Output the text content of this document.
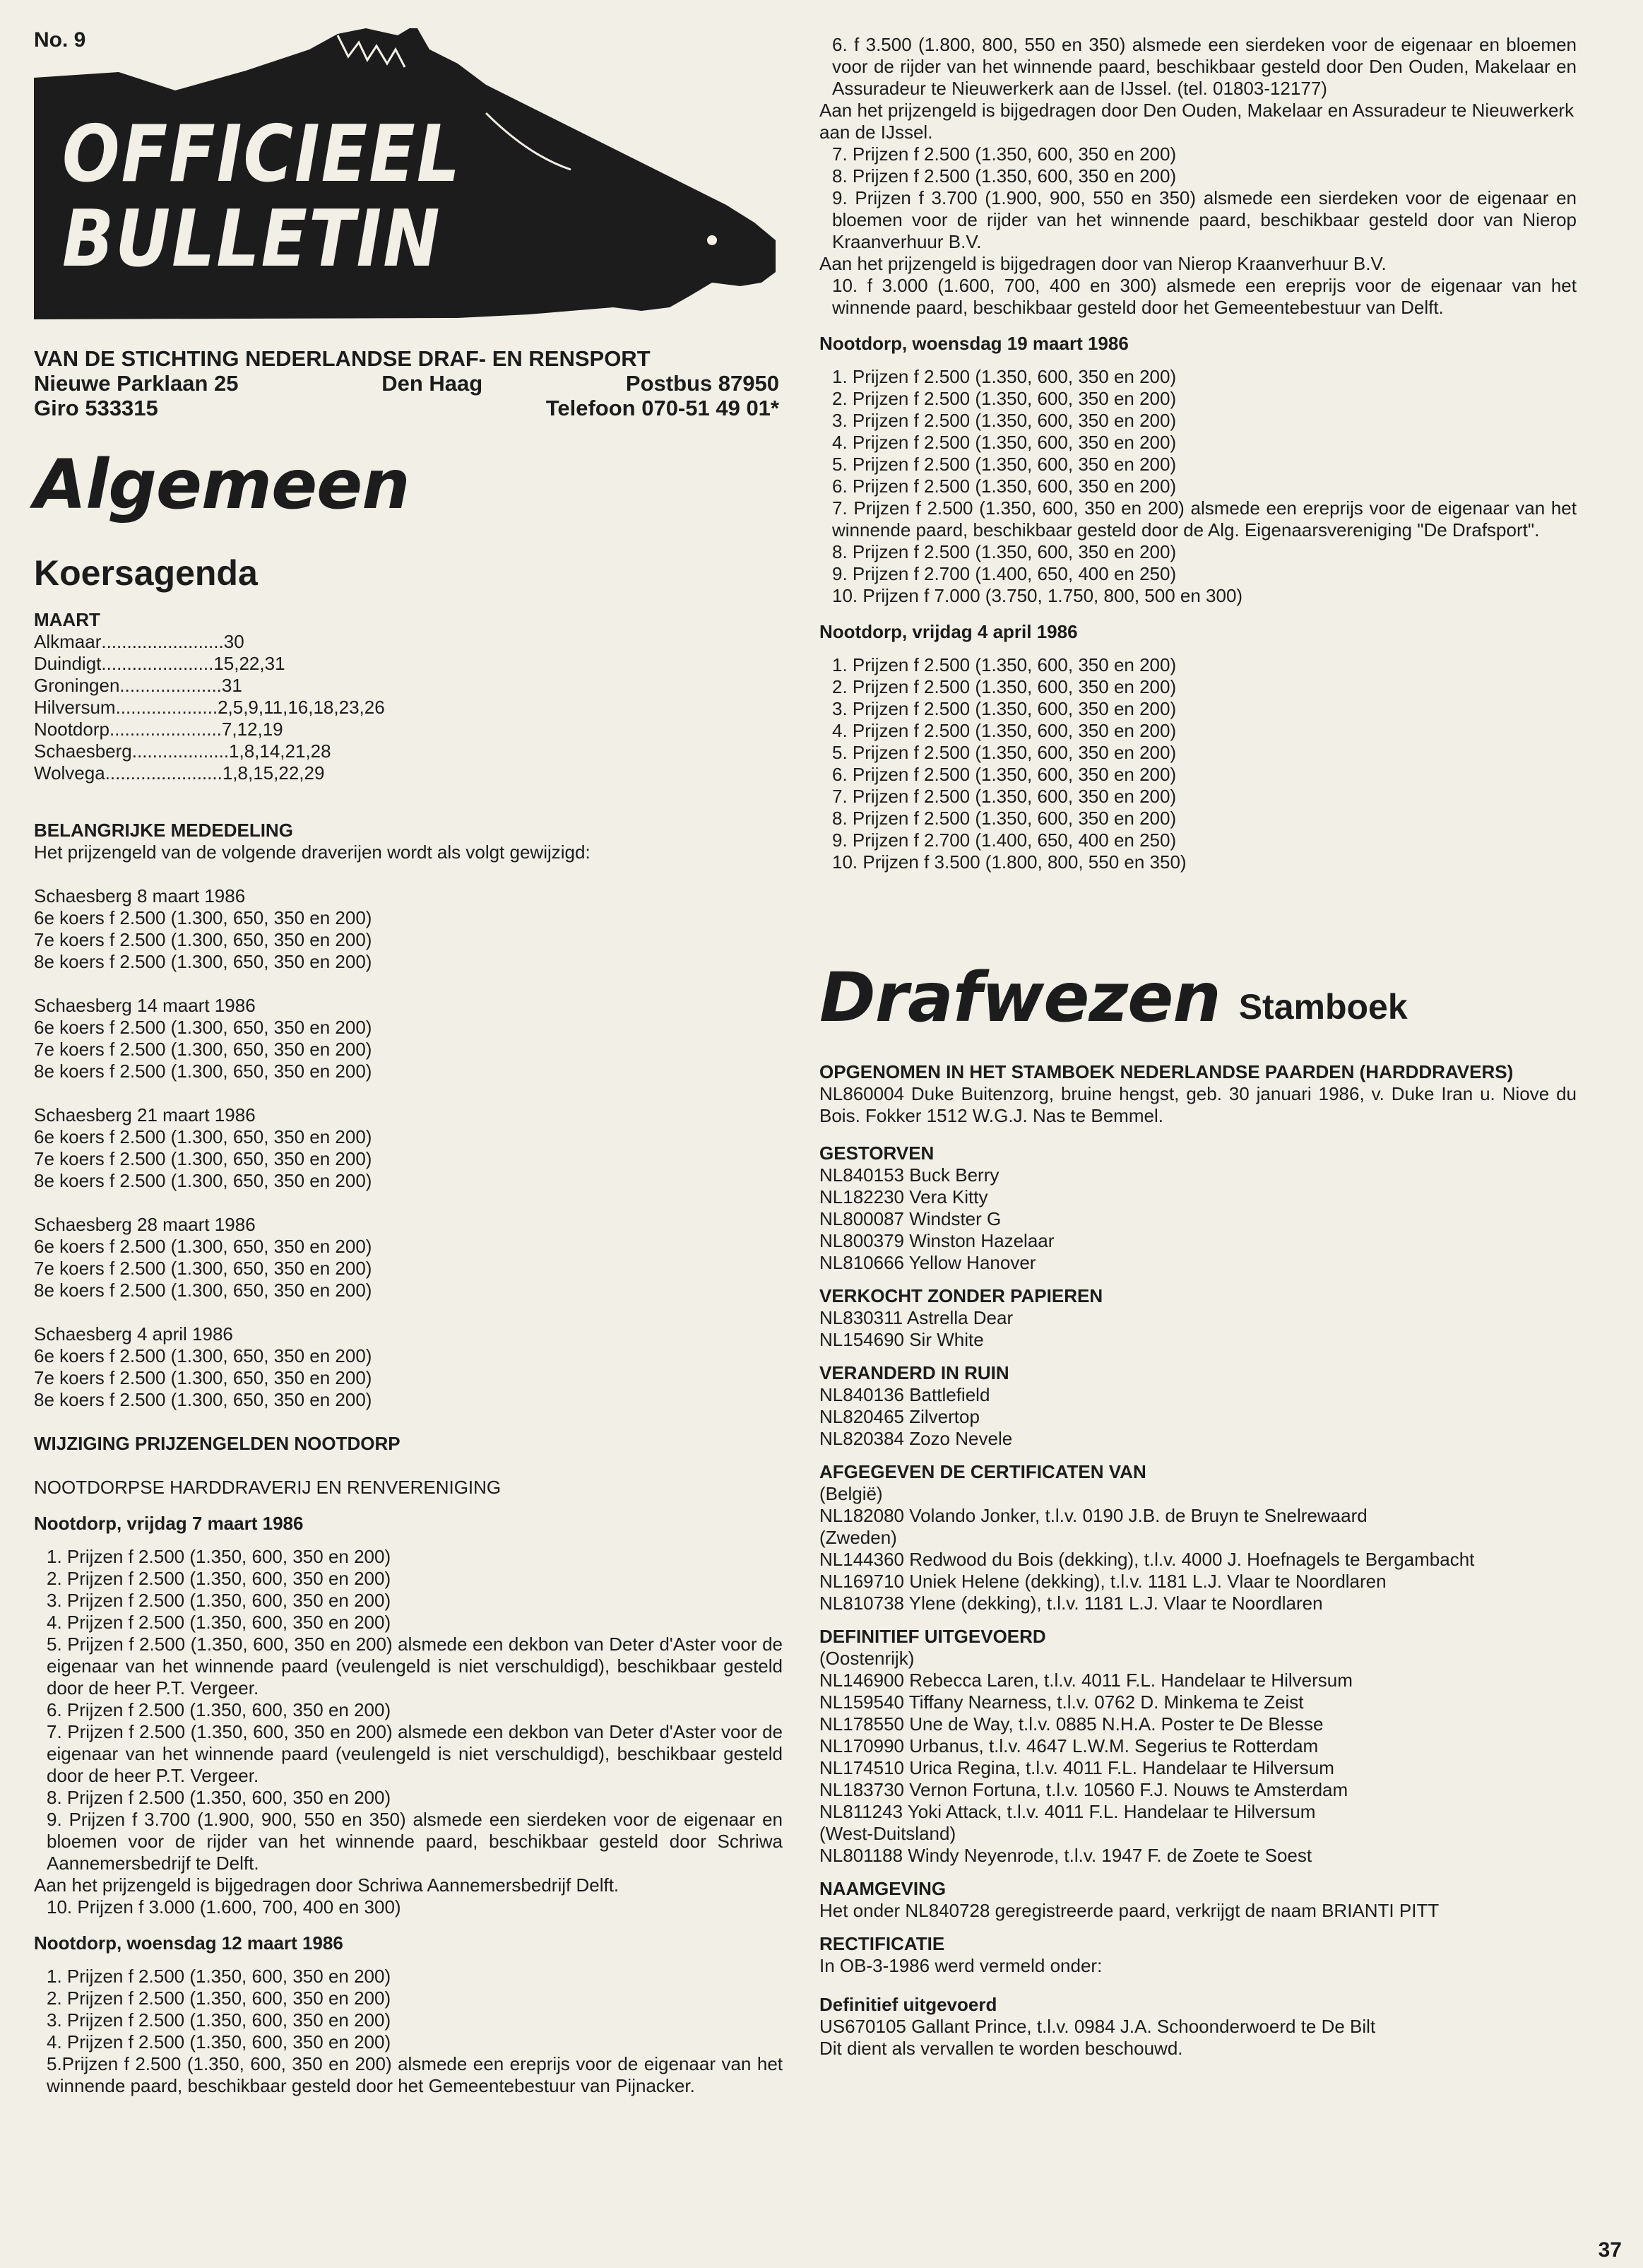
OFFICIEEL
BULLETIN
No. 9
VAN DE STICHTING NEDERLANDSE DRAF- EN RENSPORT
Nieuwe Parklaan 25	Den Haag	Postbus 87950
Giro 533315	Telefoon 070-51 49 01*
Algemeen
Koersagenda
MAART
Alkmaar ........................ 30
Duindigt ...................... 15,22,31
Groningen .................... 31
Hilversum .................... 2,5,9,11,16,18,23,26
Nootdorp ...................... 7,12,19
Schaesberg ................... 1,8,14,21,28
Wolvega ....................... 1,8,15,22,29
BELANGRIJKE MEDEDELING
Het prijzengeld van de volgende draverijen wordt als volgt gewijzigd:
Schaesberg 8 maart 1986
6e koers f 2.500 (1.300, 650, 350 en 200)
7e koers f 2.500 (1.300, 650, 350 en 200)
8e koers f 2.500 (1.300, 650, 350 en 200)
Schaesberg 14 maart 1986
6e koers f 2.500 (1.300, 650, 350 en 200)
7e koers f 2.500 (1.300, 650, 350 en 200)
8e koers f 2.500 (1.300, 650, 350 en 200)
Schaesberg 21 maart 1986
6e koers f 2.500 (1.300, 650, 350 en 200)
7e koers f 2.500 (1.300, 650, 350 en 200)
8e koers f 2.500 (1.300, 650, 350 en 200)
Schaesberg 28 maart 1986
6e koers f 2.500 (1.300, 650, 350 en 200)
7e koers f 2.500 (1.300, 650, 350 en 200)
8e koers f 2.500 (1.300, 650, 350 en 200)
Schaesberg 4 april 1986
6e koers f 2.500 (1.300, 650, 350 en 200)
7e koers f 2.500 (1.300, 650, 350 en 200)
8e koers f 2.500 (1.300, 650, 350 en 200)
WIJZIGING PRIJZENGELDEN NOOTDORP
NOOTDORPSE HARDDRAVERIJ EN RENVERENIGING
Nootdorp, vrijdag 7 maart 1986
1. Prijzen f 2.500 (1.350, 600, 350 en 200)
2. Prijzen f 2.500 (1.350, 600, 350 en 200)
3. Prijzen f 2.500 (1.350, 600, 350 en 200)
4. Prijzen f 2.500 (1.350, 600, 350 en 200)
5. Prijzen f 2.500 (1.350, 600, 350 en 200) alsmede een dekbon van Deter d'Aster voor de eigenaar van het winnende paard (veulengeld is niet verschuldigd), beschikbaar gesteld door de heer P.T. Vergeer.
6. Prijzen f 2.500 (1.350, 600, 350 en 200)
7. Prijzen f 2.500 (1.350, 600, 350 en 200) alsmede een dekbon van Deter d'Aster voor de eigenaar van het winnende paard (veulengeld is niet verschuldigd), beschikbaar gesteld door de heer P.T. Vergeer.
8. Prijzen f 2.500 (1.350, 600, 350 en 200)
9. Prijzen f 3.700 (1.900, 900, 550 en 350) alsmede een sierdeken voor de eigenaar en bloemen voor de rijder van het winnende paard, beschikbaar gesteld door Schriwa Aannemersbedrijf te Delft.
Aan het prijzengeld is bijgedragen door Schriwa Aannemersbedrijf Delft.
10. Prijzen f 3.000 (1.600, 700, 400 en 300)
Nootdorp, woensdag 12 maart 1986
1. Prijzen f 2.500 (1.350, 600, 350 en 200)
2. Prijzen f 2.500 (1.350, 600, 350 en 200)
3. Prijzen f 2.500 (1.350, 600, 350 en 200)
4. Prijzen f 2.500 (1.350, 600, 350 en 200)
5.Prijzen f 2.500 (1.350, 600, 350 en 200) alsmede een ereprijs voor de eigenaar van het winnende paard, beschikbaar gesteld door het Gemeentebestuur van Pijnacker.
6. f 3.500 (1.800, 800, 550 en 350) alsmede een sierdeken voor de eigenaar en bloemen voor de rijder van het winnende paard, beschikbaar gesteld door Den Ouden, Makelaar en Assuradeur te Nieuwerkerk aan de IJssel. (tel. 01803-12177)
Aan het prijzengeld is bijgedragen door Den Ouden, Makelaar en Assuradeur te Nieuwerkerk aan de IJssel.
7. Prijzen f 2.500 (1.350, 600, 350 en 200)
8. Prijzen f 2.500 (1.350, 600, 350 en 200)
9. Prijzen f 3.700 (1.900, 900, 550 en 350) alsmede een sierdeken voor de eigenaar en bloemen voor de rijder van het winnende paard, beschikbaar gesteld door van Nierop Kraanverhuur B.V.
Aan het prijzengeld is bijgedragen door van Nierop Kraanverhuur B.V.
10. f 3.000 (1.600, 700, 400 en 300) alsmede een ereprijs voor de eigenaar van het winnende paard, beschikbaar gesteld door het Gemeentebestuur van Delft.
Nootdorp, woensdag 19 maart 1986
1. Prijzen f 2.500 (1.350, 600, 350 en 200)
2. Prijzen f 2.500 (1.350, 600, 350 en 200)
3. Prijzen f 2.500 (1.350, 600, 350 en 200)
4. Prijzen f 2.500 (1.350, 600, 350 en 200)
5. Prijzen f 2.500 (1.350, 600, 350 en 200)
6. Prijzen f 2.500 (1.350, 600, 350 en 200)
7. Prijzen f 2.500 (1.350, 600, 350 en 200) alsmede een ereprijs voor de eigenaar van het winnende paard, beschikbaar gesteld door de Alg. Eigenaarsvereniging "De Drafsport".
8. Prijzen f 2.500 (1.350, 600, 350 en 200)
9. Prijzen f 2.700 (1.400, 650, 400 en 250)
10. Prijzen f 7.000 (3.750, 1.750, 800, 500 en 300)
Nootdorp, vrijdag 4 april 1986
1. Prijzen f 2.500 (1.350, 600, 350 en 200)
2. Prijzen f 2.500 (1.350, 600, 350 en 200)
3. Prijzen f 2.500 (1.350, 600, 350 en 200)
4. Prijzen f 2.500 (1.350, 600, 350 en 200)
5. Prijzen f 2.500 (1.350, 600, 350 en 200)
6. Prijzen f 2.500 (1.350, 600, 350 en 200)
7. Prijzen f 2.500 (1.350, 600, 350 en 200)
8. Prijzen f 2.500 (1.350, 600, 350 en 200)
9. Prijzen f 2.700 (1.400, 650, 400 en 250)
10. Prijzen f 3.500 (1.800, 800, 550 en 350)
Drafwezen Stamboek
OPGENOMEN IN HET STAMBOEK NEDERLANDSE PAARDEN (HARDDRAVERS)
NL860004 Duke Buitenzorg, bruine hengst, geb. 30 januari 1986, v. Duke Iran u. Niove du Bois. Fokker 1512 W.G.J. Nas te Bemmel.
GESTORVEN
NL840153 Buck Berry
NL182230 Vera Kitty
NL800087 Windster G
NL800379 Winston Hazelaar
NL810666 Yellow Hanover
VERKOCHT ZONDER PAPIEREN
NL830311 Astrella Dear
NL154690 Sir White
VERANDERD IN RUIN
NL840136 Battlefield
NL820465 Zilvertop
NL820384 Zozo Nevele
AFGEGEVEN DE CERTIFICATEN VAN
(België)
NL182080 Volando Jonker, t.l.v. 0190 J.B. de Bruyn te Snelrewaard
(Zweden)
NL144360 Redwood du Bois (dekking), t.l.v. 4000 J. Hoefnagels te Bergambacht
NL169710 Uniek Helene (dekking), t.l.v. 1181 L.J. Vlaar te Noordlaren
NL810738 Ylene (dekking), t.l.v. 1181 L.J. Vlaar te Noordlaren
DEFINITIEF UITGEVOERD
(Oostenrijk)
NL146900 Rebecca Laren, t.l.v. 4011 F.L. Handelaar te Hilversum
NL159540 Tiffany Nearness, t.l.v. 0762 D. Minkema te Zeist
NL178550 Une de Way, t.l.v. 0885 N.H.A. Poster te De Blesse
NL170990 Urbanus, t.l.v. 4647 L.W.M. Segerius te Rotterdam
NL174510 Urica Regina, t.l.v. 4011 F.L. Handelaar te Hilversum
NL183730 Vernon Fortuna, t.l.v. 10560 F.J. Nouws te Amsterdam
NL811243 Yoki Attack, t.l.v. 4011 F.L. Handelaar te Hilversum
(West-Duitsland)
NL801188 Windy Neyenrode, t.l.v. 1947 F. de Zoete te Soest
NAAMGEVING
Het onder NL840728 geregistreerde paard, verkrijgt de naam BRIANTI PITT
RECTIFICATIE
In OB-3-1986 werd vermeld onder:
Definitief uitgevoerd
US670105 Gallant Prince, t.l.v. 0984 J.A. Schoonderwoerd te De Bilt
Dit dient als vervallen te worden beschouwd.
37
